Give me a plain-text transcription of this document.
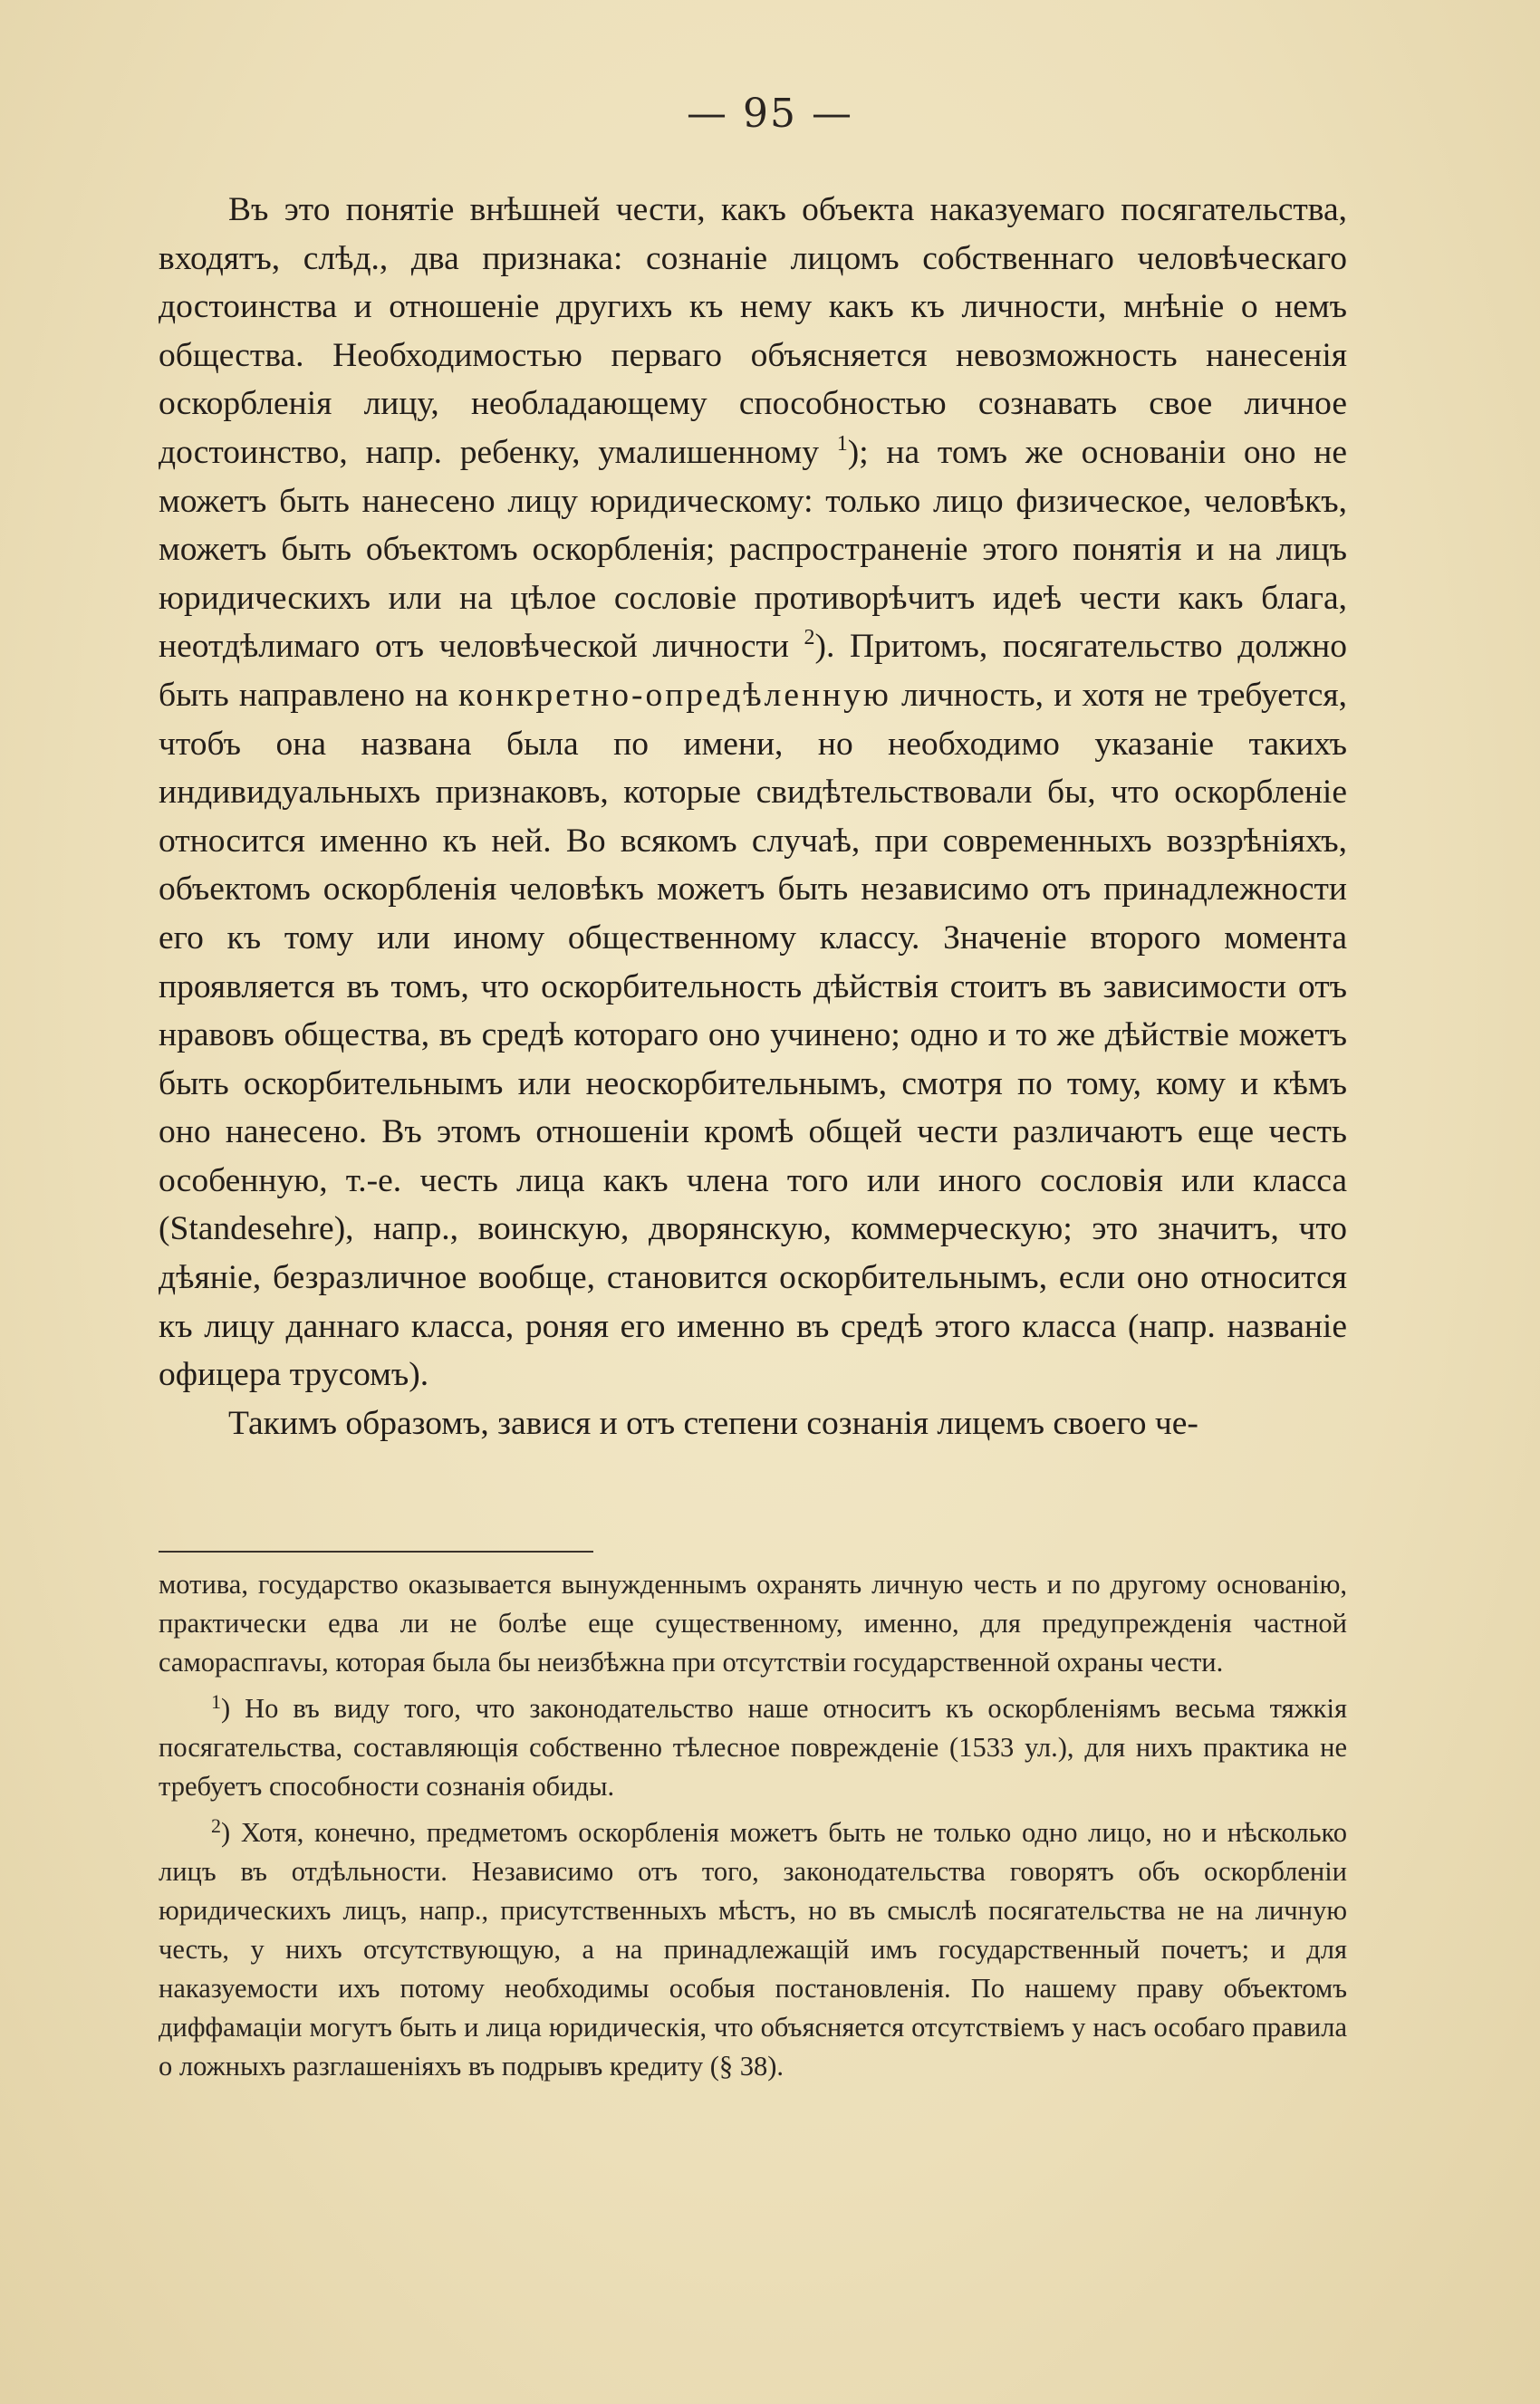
— 95 —

Въ это понятіе внѣшней чести, какъ объекта наказуемаго посягательства, входятъ, слѣд., два признака: сознаніе лицомъ собственнаго человѣческаго достоинства и отношеніе другихъ къ нему какъ къ личности, мнѣніе о немъ общества. Необходимостью перваго объясняется невозможность нанесенія оскорбленія лицу, необладающему способностью сознавать свое личное достоинство, напр. ребенку, умалишенному $^1$); на томъ же основаніи оно не можетъ быть нанесено лицу юридическому: только лицо физическое, человѣкъ, можетъ быть объектомъ оскорбленія; распространеніе этого понятія и на лицъ юридическихъ или на цѣлое сословіе противорѣчитъ идеѣ чести какъ блага, неотдѣлимаго отъ человѣческой личности $^2$). Притомъ, посягательство должно быть направлено на конкретно-опредѣленную личность, и хотя не требуется, чтобъ она названа была по имени, но необходимо указаніе такихъ индивидуальныхъ признаковъ, которые свидѣтельствовали бы, что оскорбленіе относится именно къ ней. Во всякомъ случаѣ, при современныхъ воззрѣніяхъ, объектомъ оскорбленія человѣкъ можетъ быть независимо отъ принадлежности его къ тому или иному общественному классу. Значеніе второго момента проявляется въ томъ, что оскорбительность дѣйствія стоитъ въ зависимости отъ нравовъ общества, въ средѣ котораго оно учинено; одно и то же дѣйствіе можетъ быть оскорбительнымъ или неоскорбительнымъ, смотря по тому, кому и кѣмъ оно нанесено. Въ этомъ отношеніи кромѣ общей чести различаютъ еще честь особенную, т.-е. честь лица какъ члена того или иного сословія или класса (Standesehre), напр., воинскую, дворянскую, коммерческую; это значитъ, что дѣяніе, безразличное вообще, становится оскорбительнымъ, если оно относится къ лицу даннаго класса, роняя его именно въ средѣ этого класса (напр. названіе офицера трусомъ).

Такимъ образомъ, завися и отъ степени сознанія лицемъ своего че-

мотива, государство оказывается вынужденнымъ охранять личную честь и по другому основанію, практически едва ли не болѣе еще существенному, именно, для предупрежденія частной самораспravы, которая была бы неизбѣжна при отсутствіи государственной охраны чести.

$^1$) Но въ виду того, что законодательство наше относитъ къ оскорбленіямъ весьма тяжкія посягательства, составляющія собственно тѣлесное поврежденіе (1533 ул.), для нихъ практика не требуетъ способности сознанія обиды.

$^2$) Хотя, конечно, предметомъ оскорбленія можетъ быть не только одно лицо, но и нѣсколько лицъ въ отдѣльности. Независимо отъ того, законодательства говорятъ объ оскорбленіи юридическихъ лицъ, напр., присутственныхъ мѣстъ, но въ смыслѣ посягательства не на личную честь, у нихъ отсутствующую, а на принадлежащій имъ государственный почетъ; и для наказуемости ихъ потому необходимы особыя постановленія. По нашему праву объектомъ диффамаціи могутъ быть и лица юридическія, что объясняется отсутствіемъ у насъ особаго правила о ложныхъ разглашеніяхъ въ подрывъ кредиту (§ 38).
